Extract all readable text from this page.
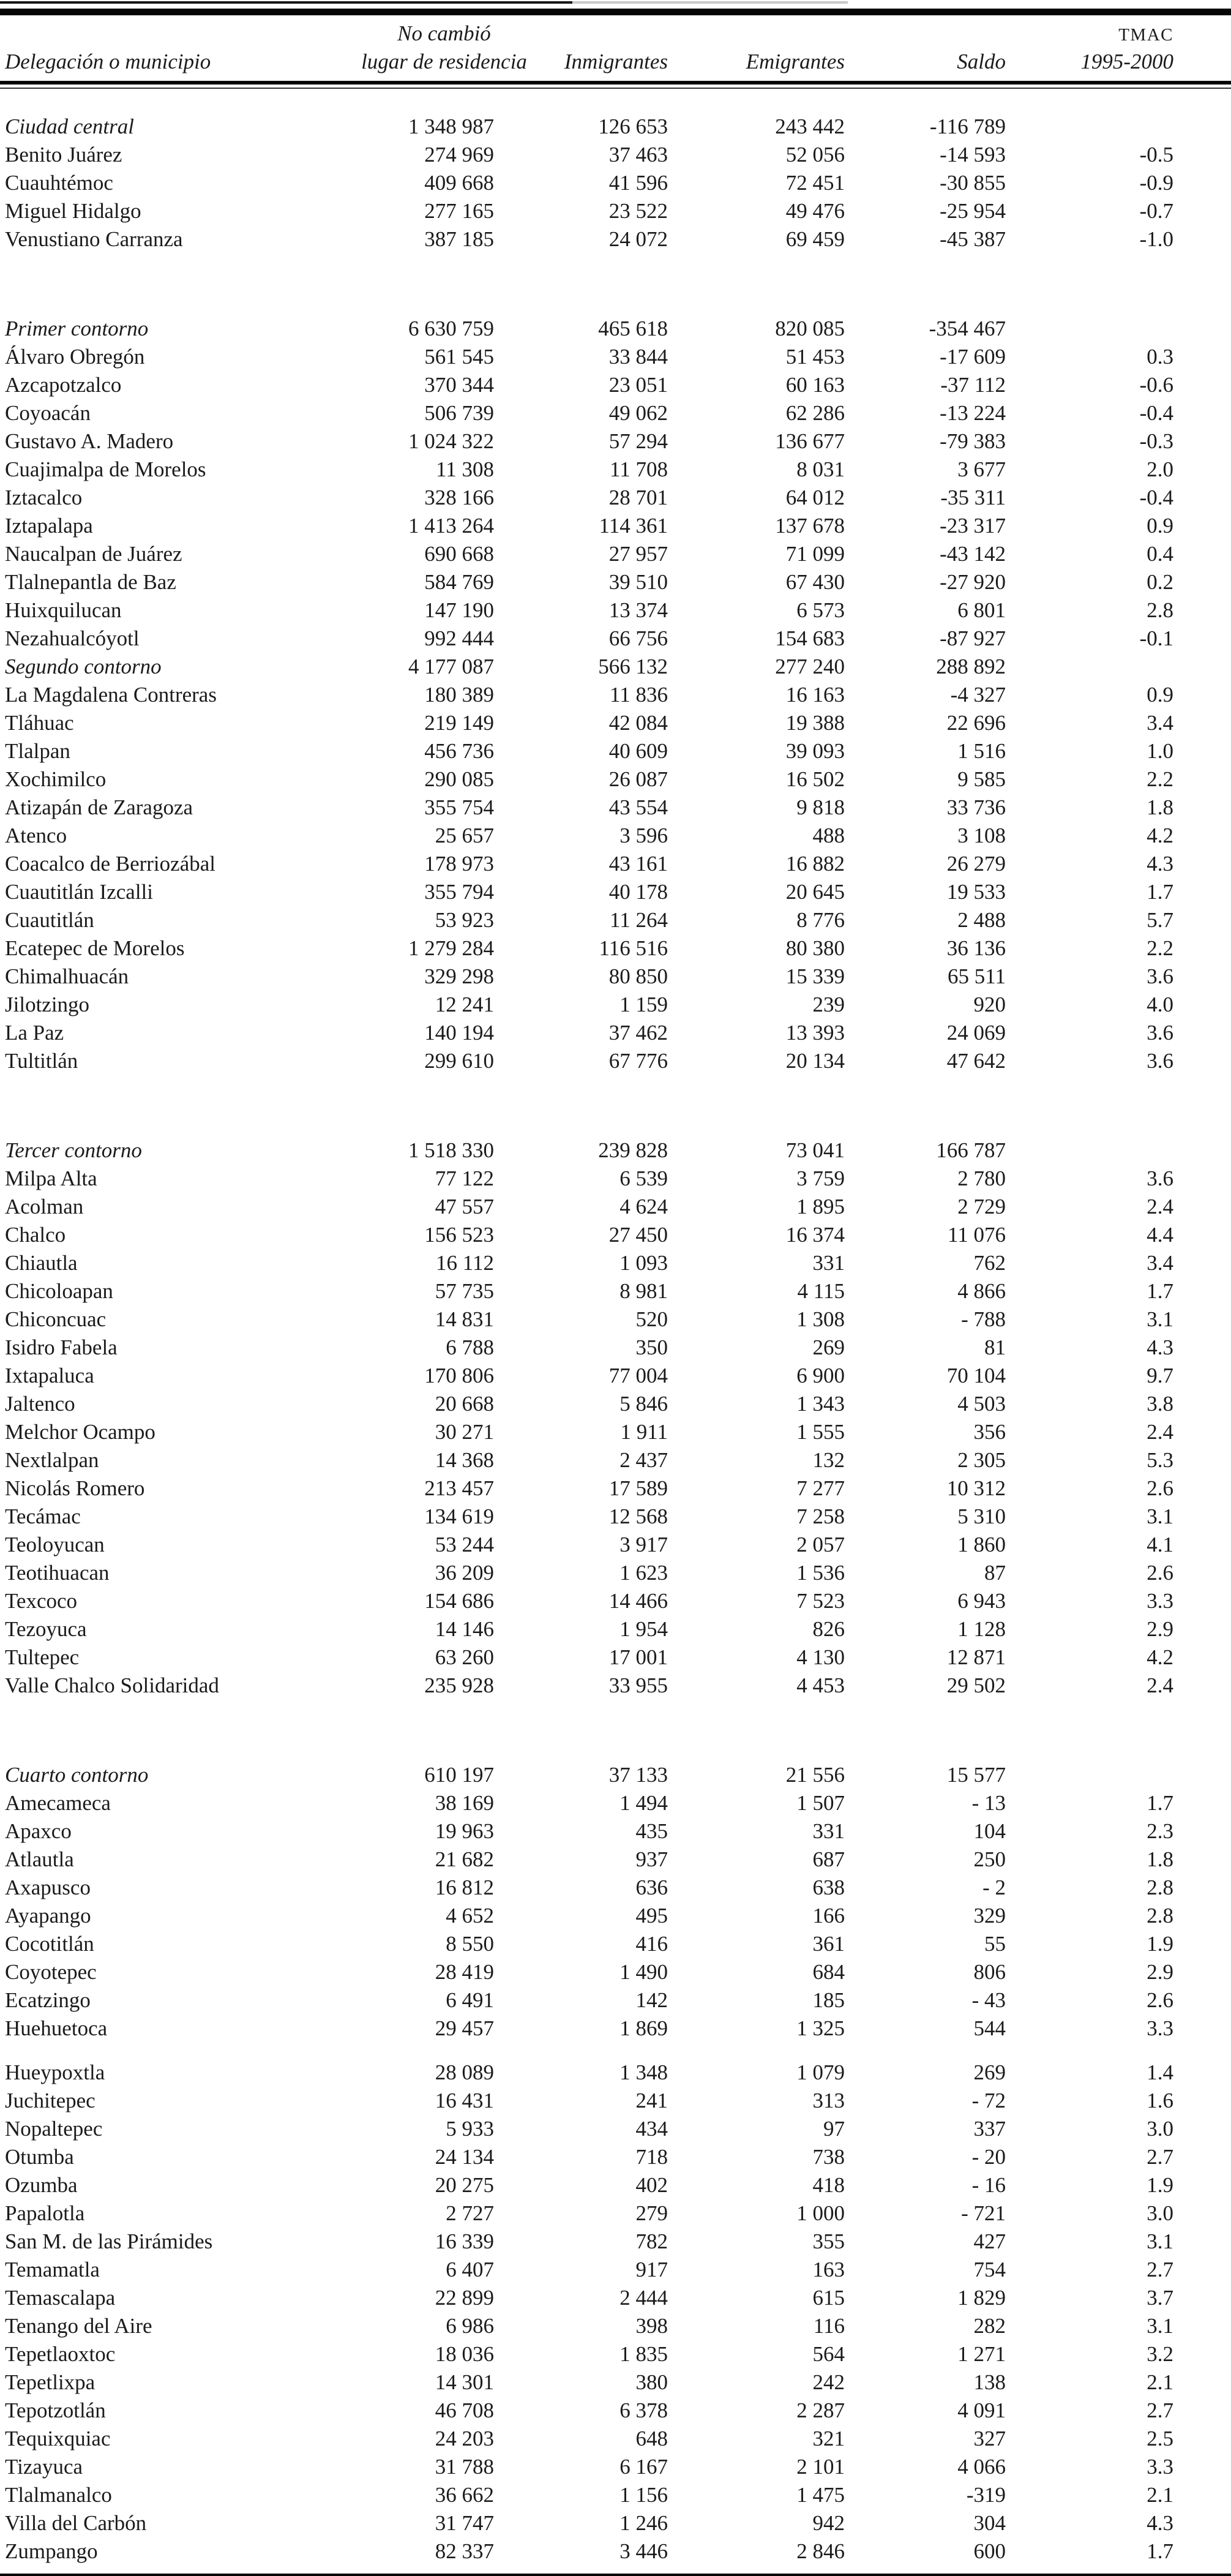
	No cambió				TMAC
Delegación o municipio	lugar de residencia	Inmigrantes	Emigrantes	Saldo	1995-2000

Ciudad central	1 348 987	126 653	243 442	-116 789	
Benito Juárez	274 969	37 463	52 056	-14 593	-0.5
Cuauhtémoc	409 668	41 596	72 451	-30 855	-0.9
Miguel Hidalgo	277 165	23 522	49 476	-25 954	-0.7
Venustiano Carranza	387 185	24 072	69 459	-45 387	-1.0

Primer contorno	6 630 759	465 618	820 085	-354 467	
Álvaro Obregón	561 545	33 844	51 453	-17 609	0.3
Azcapotzalco	370 344	23 051	60 163	-37 112	-0.6
Coyoacán	506 739	49 062	62 286	-13 224	-0.4
Gustavo A. Madero	1 024 322	57 294	136 677	-79 383	-0.3
Cuajimalpa de Morelos	11 308	11 708	8 031	3 677	2.0
Iztacalco	328 166	28 701	64 012	-35 311	-0.4
Iztapalapa	1 413 264	114 361	137 678	-23 317	0.9
Naucalpan de Juárez	690 668	27 957	71 099	-43 142	0.4
Tlalnepantla de Baz	584 769	39 510	67 430	-27 920	0.2
Huixquilucan	147 190	13 374	6 573	6 801	2.8
Nezahualcóyotl	992 444	66 756	154 683	-87 927	-0.1
Segundo contorno	4 177 087	566 132	277 240	288 892	
La Magdalena Contreras	180 389	11 836	16 163	-4 327	0.9
Tláhuac	219 149	42 084	19 388	22 696	3.4
Tlalpan	456 736	40 609	39 093	1 516	1.0
Xochimilco	290 085	26 087	16 502	9 585	2.2
Atizapán de Zaragoza	355 754	43 554	9 818	33 736	1.8
Atenco	25 657	3 596	488	3 108	4.2
Coacalco de Berriozábal	178 973	43 161	16 882	26 279	4.3
Cuautitlán Izcalli	355 794	40 178	20 645	19 533	1.7
Cuautitlán	53 923	11 264	8 776	2 488	5.7
Ecatepec de Morelos	1 279 284	116 516	80 380	36 136	2.2
Chimalhuacán	329 298	80 850	15 339	65 511	3.6
Jilotzingo	12 241	1 159	239	920	4.0
La Paz	140 194	37 462	13 393	24 069	3.6
Tultitlán	299 610	67 776	20 134	47 642	3.6

Tercer contorno	1 518 330	239 828	73 041	166 787	
Milpa Alta	77 122	6 539	3 759	2 780	3.6
Acolman	47 557	4 624	1 895	2 729	2.4
Chalco	156 523	27 450	16 374	11 076	4.4
Chiautla	16 112	1 093	331	762	3.4
Chicoloapan	57 735	8 981	4 115	4 866	1.7
Chiconcuac	14 831	520	1 308	- 788	3.1
Isidro Fabela	6 788	350	269	81	4.3
Ixtapaluca	170 806	77 004	6 900	70 104	9.7
Jaltenco	20 668	5 846	1 343	4 503	3.8
Melchor Ocampo	30 271	1 911	1 555	356	2.4
Nextlalpan	14 368	2 437	132	2 305	5.3
Nicolás Romero	213 457	17 589	7 277	10 312	2.6
Tecámac	134 619	12 568	7 258	5 310	3.1
Teoloyucan	53 244	3 917	2 057	1 860	4.1
Teotihuacan	36 209	1 623	1 536	87	2.6
Texcoco	154 686	14 466	7 523	6 943	3.3
Tezoyuca	14 146	1 954	826	1 128	2.9
Tultepec	63 260	17 001	4 130	12 871	4.2
Valle Chalco Solidaridad	235 928	33 955	4 453	29 502	2.4

Cuarto contorno	610 197	37 133	21 556	15 577	
Amecameca	38 169	1 494	1 507	- 13	1.7
Apaxco	19 963	435	331	104	2.3
Atlautla	21 682	937	687	250	1.8
Axapusco	16 812	636	638	- 2	2.8
Ayapango	4 652	495	166	329	2.8
Cocotitlán	8 550	416	361	55	1.9
Coyotepec	28 419	1 490	684	806	2.9
Ecatzingo	6 491	142	185	- 43	2.6
Huehuetoca	29 457	1 869	1 325	544	3.3

Hueypoxtla	28 089	1 348	1 079	269	1.4
Juchitepec	16 431	241	313	- 72	1.6
Nopaltepec	5 933	434	97	337	3.0
Otumba	24 134	718	738	- 20	2.7
Ozumba	20 275	402	418	- 16	1.9
Papalotla	2 727	279	1 000	- 721	3.0
San M. de las Pirámides	16 339	782	355	427	3.1
Temamatla	6 407	917	163	754	2.7
Temascalapa	22 899	2 444	615	1 829	3.7
Tenango del Aire	6 986	398	116	282	3.1
Tepetlaoxtoc	18 036	1 835	564	1 271	3.2
Tepetlixpa	14 301	380	242	138	2.1
Tepotzotlán	46 708	6 378	2 287	4 091	2.7
Tequixquiac	24 203	648	321	327	2.5
Tizayuca	31 788	6 167	2 101	4 066	3.3
Tlalmanalco	36 662	1 156	1 475	-319	2.1
Villa del Carbón	31 747	1 246	942	304	4.3
Zumpango	82 337	3 446	2 846	600	1.7
